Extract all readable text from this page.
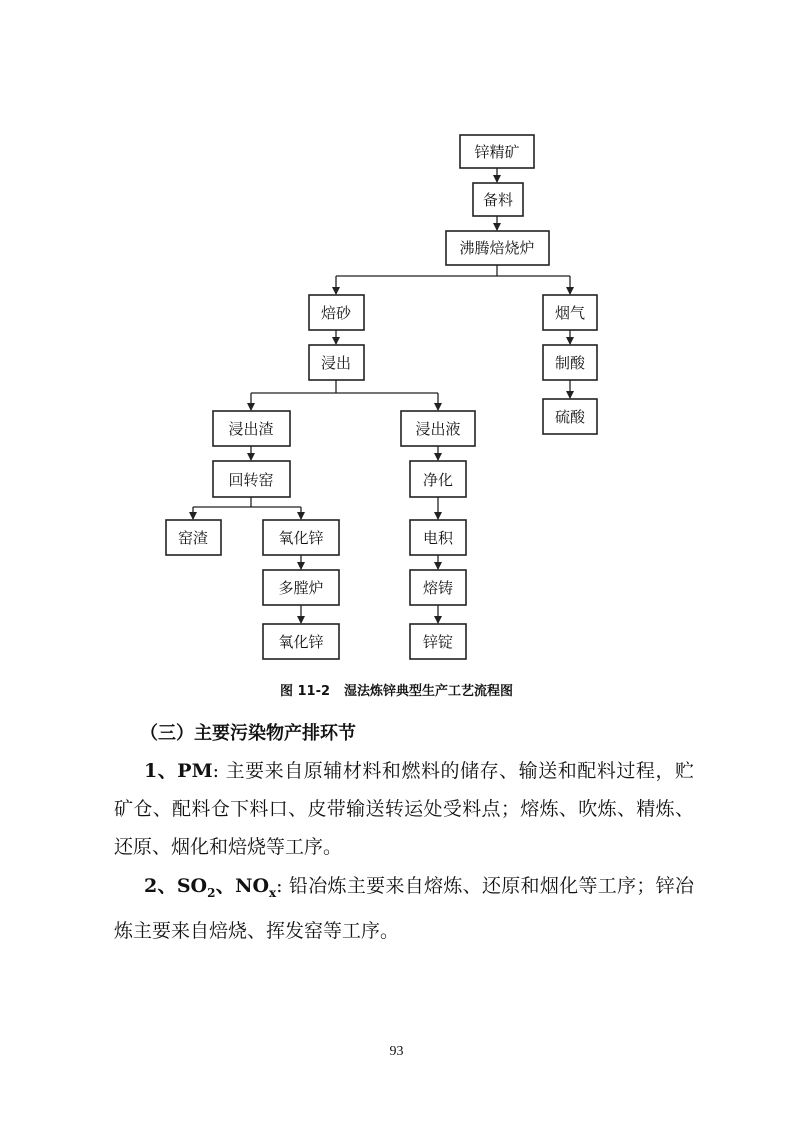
锌精矿
备料
沸腾焙烧炉
焙砂	烟气
浸出	制酸
硫酸
浸出渣	浸出液
回转窑	净化
窑渣	氧化锌	电积
多膛炉	熔铸
氧化锌	锌锭
图 11-2 湿法炼锌典型生产工艺流程图
（三）主要污染物产排环节

1、PM: 主要来自原辅材料和燃料的储存、输送和配料过程，贮矿仓、配料仓下料口、皮带输送转运处受料点；熔炼、吹炼、精炼、还原、烟化和焙烧等工序。

2、$SO_2$、$NO_x$: 铅冶炼主要来自熔炼、还原和烟化等工序；锌冶炼主要来自焙烧、挥发窑等工序。

93
